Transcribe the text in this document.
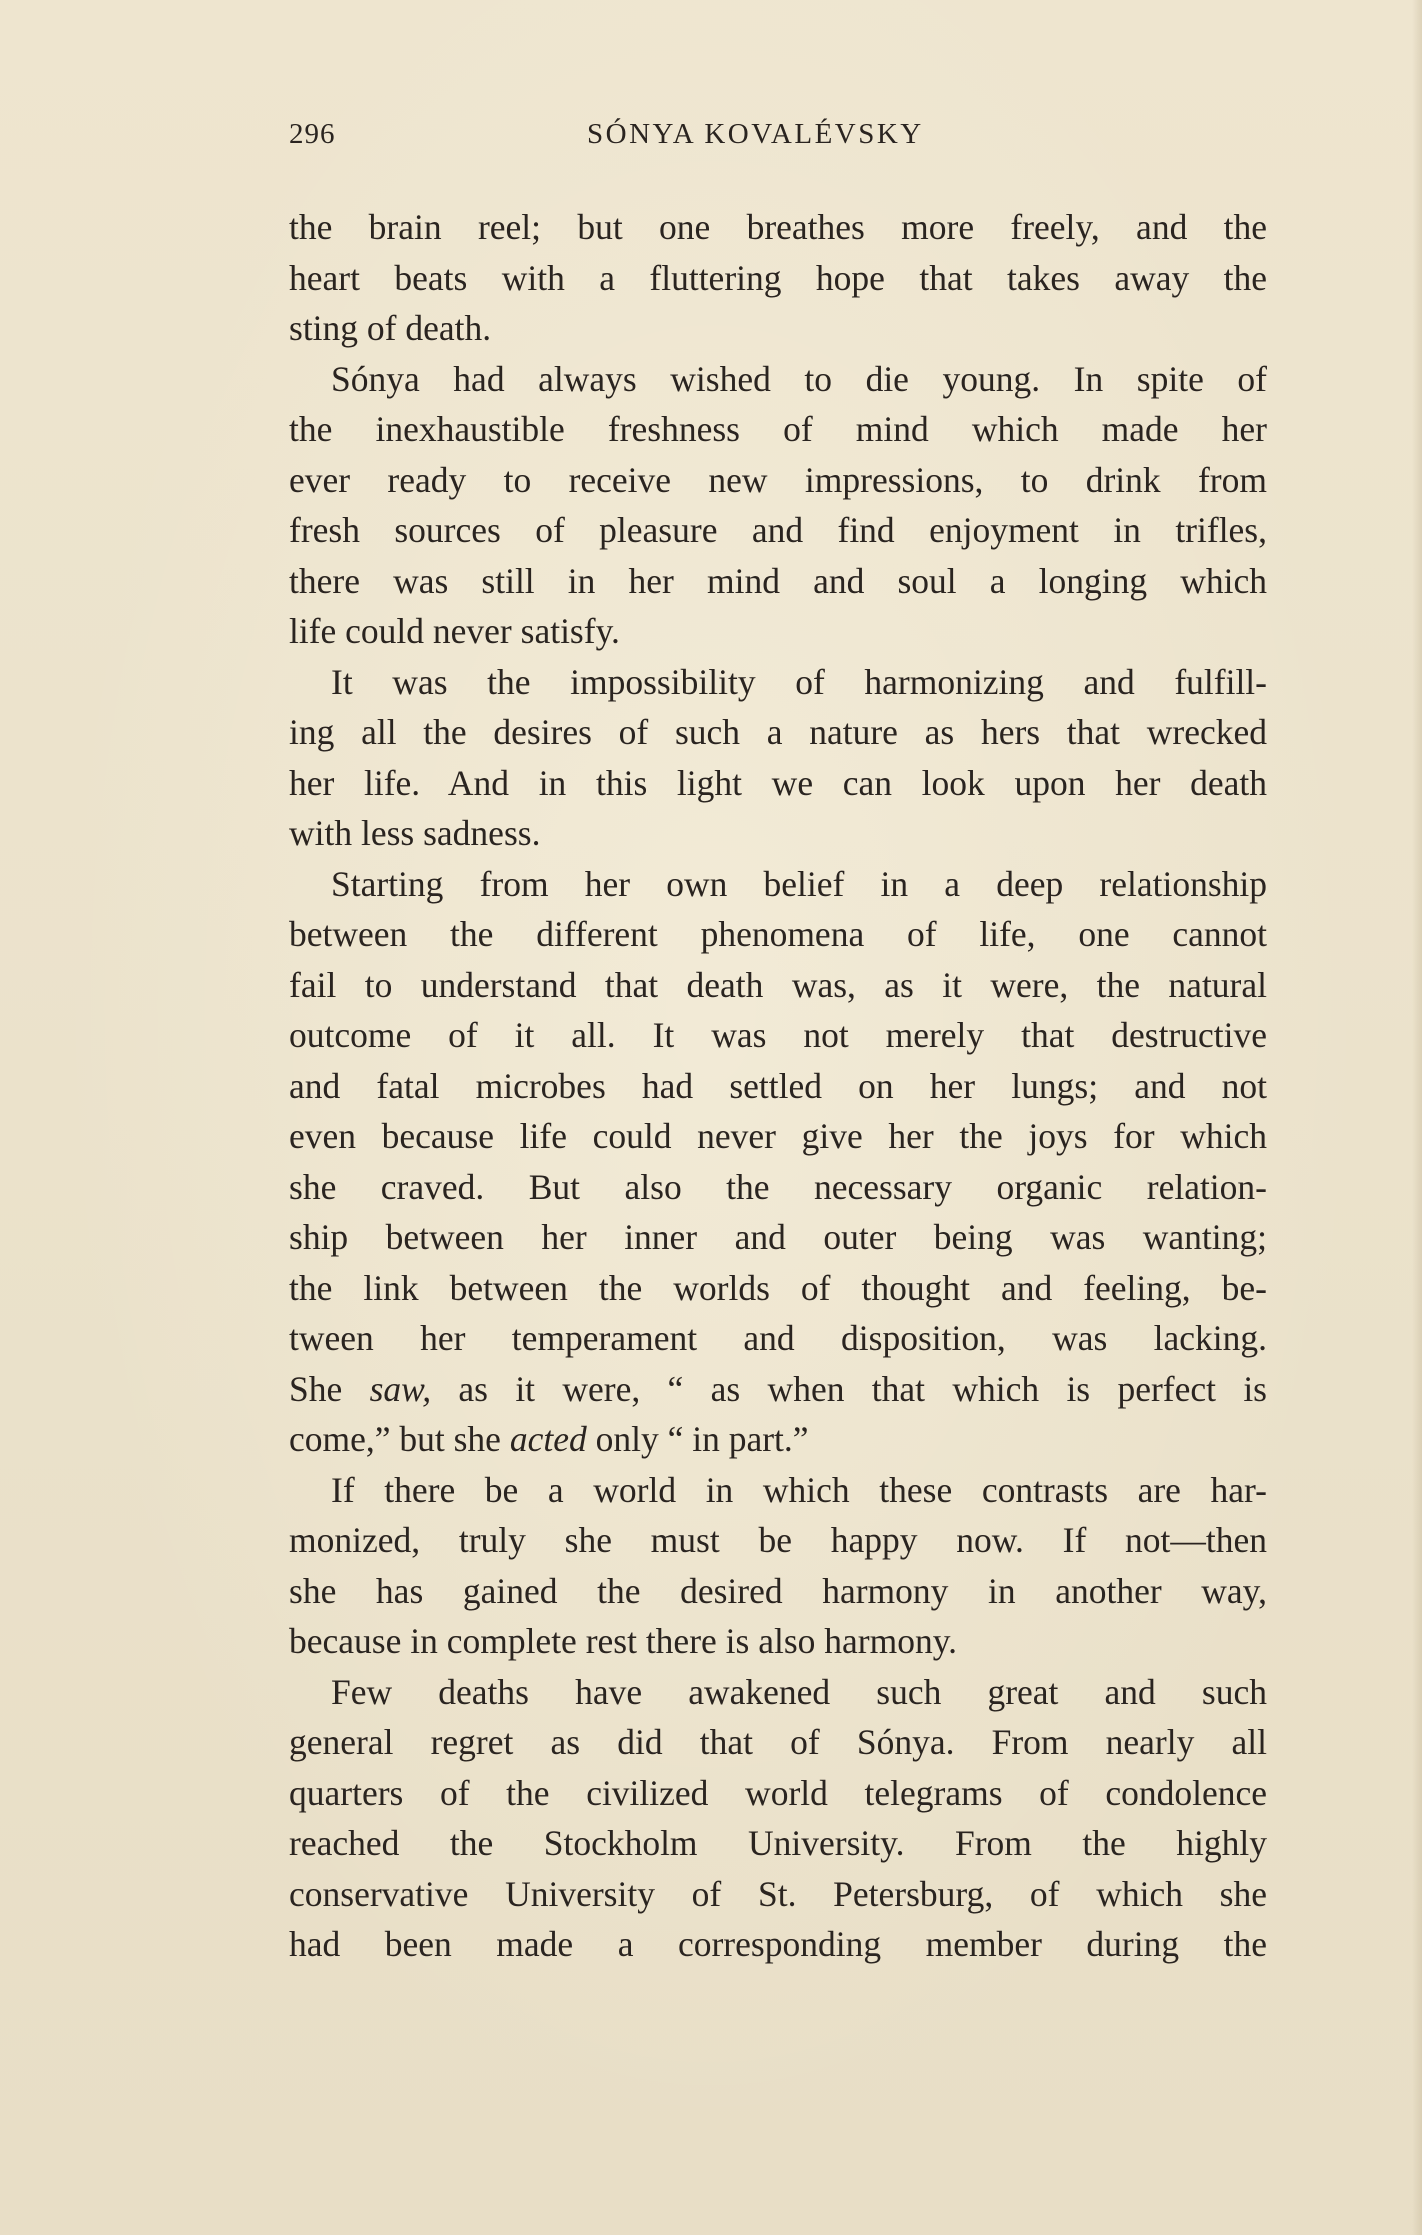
296	SÓNYA KOVALÉVSKY
the brain reel; but one breathes more freely, and the
heart beats with a fluttering hope that takes away the
sting of death.
Sónya had always wished to die young. In spite of
the inexhaustible freshness of mind which made her
ever ready to receive new impressions, to drink from
fresh sources of pleasure and find enjoyment in trifles,
there was still in her mind and soul a longing which
life could never satisfy.
It was the impossibility of harmonizing and fulfill-
ing all the desires of such a nature as hers that wrecked
her life. And in this light we can look upon her death
with less sadness.
Starting from her own belief in a deep relationship
between the different phenomena of life, one cannot
fail to understand that death was, as it were, the natural
outcome of it all. It was not merely that destructive
and fatal microbes had settled on her lungs; and not
even because life could never give her the joys for which
she craved. But also the necessary organic relation-
ship between her inner and outer being was wanting;
the link between the worlds of thought and feeling, be-
tween her temperament and disposition, was lacking.
She saw, as it were, “ as when that which is perfect is
come,” but she acted only “ in part.”
If there be a world in which these contrasts are har-
monized, truly she must be happy now. If not—then
she has gained the desired harmony in another way,
because in complete rest there is also harmony.
Few deaths have awakened such great and such
general regret as did that of Sónya. From nearly all
quarters of the civilized world telegrams of condolence
reached the Stockholm University. From the highly
conservative University of St. Petersburg, of which she
had been made a corresponding member during the
